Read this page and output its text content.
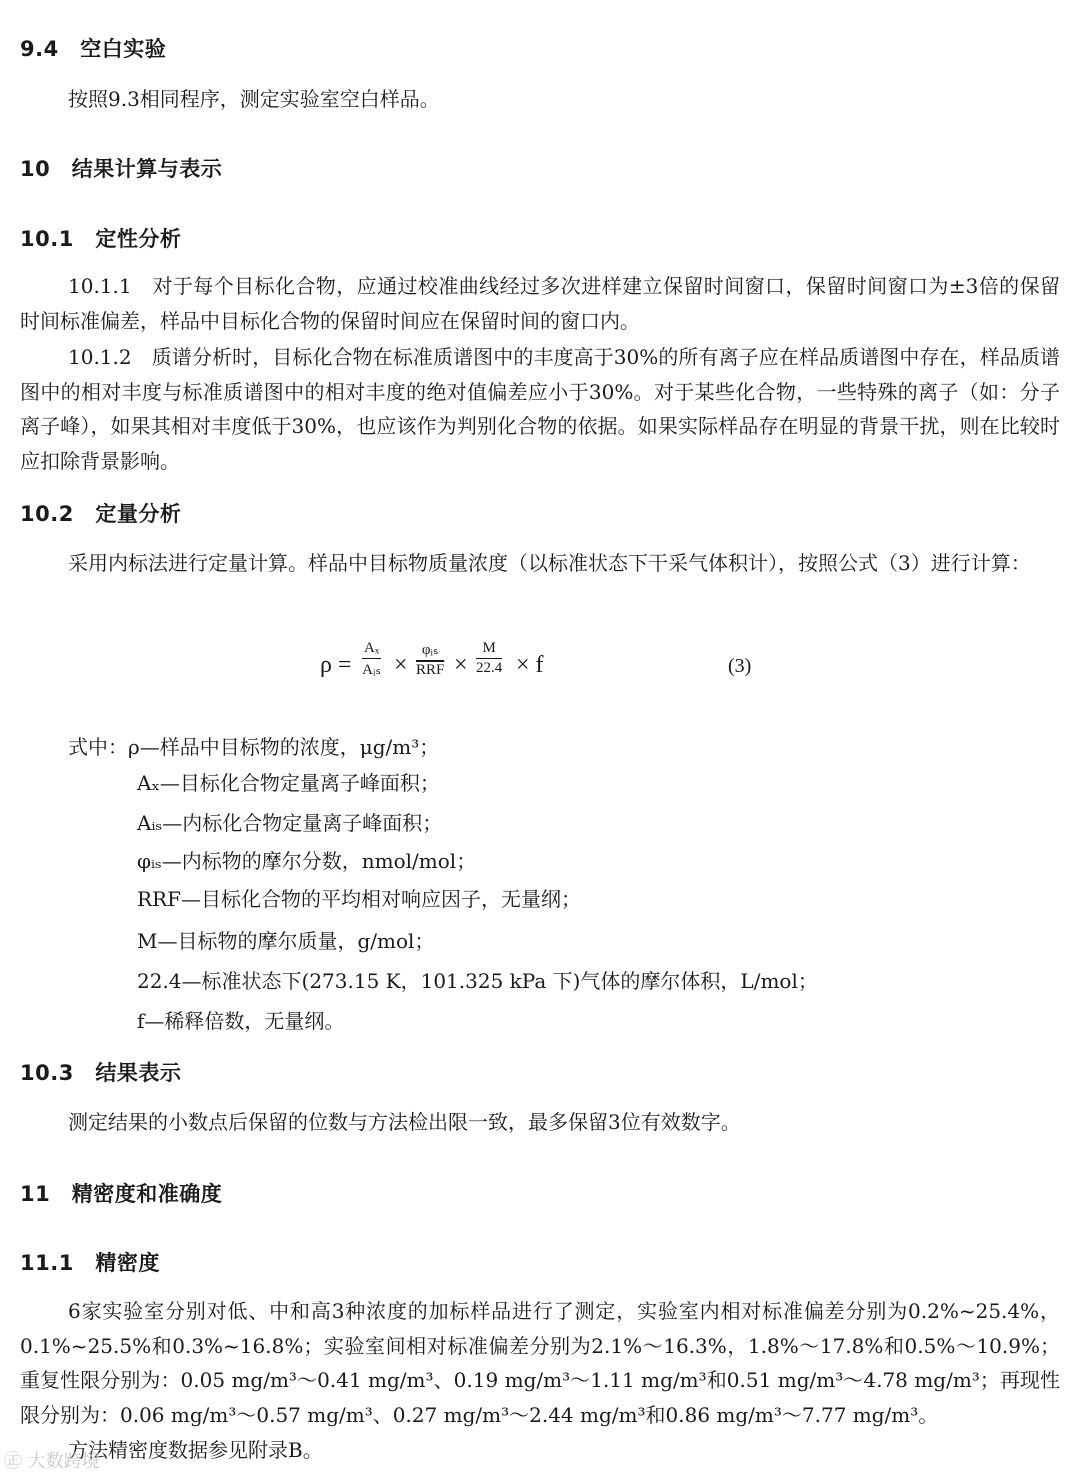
9.4　空白实验
按照9.3相同程序，测定实验室空白样品。
10　结果计算与表示
10.1　定性分析
10.1.1　对于每个目标化合物，应通过校准曲线经过多次进样建立保留时间窗口，保留时间窗口为±3倍的保留时间标准偏差，样品中目标化合物的保留时间应在保留时间的窗口内。
10.1.2　质谱分析时，目标化合物在标准质谱图中的丰度高于30%的所有离子应在样品质谱图中存在，样品质谱图中的相对丰度与标准质谱图中的相对丰度的绝对值偏差应小于30%。对于某些化合物，一些特殊的离子（如：分子离子峰），如果其相对丰度低于30%，也应该作为判别化合物的依据。如果实际样品存在明显的背景干扰，则在比较时应扣除背景影响。
10.2　定量分析
采用内标法进行定量计算。样品中目标物质量浓度（以标准状态下干采气体积计），按照公式（3）进行计算：
ρ =
Aₓ
Aᵢₛ ×
φᵢₛ
$\overline{RRF} \times \frac{M}{22.4} \times f$	(3)
式中：ρ—样品中目标物的浓度，μg/m³；
Aₓ—目标化合物定量离子峰面积；
Aᵢₛ—内标化合物定量离子峰面积；
φᵢₛ—内标物的摩尔分数，nmol/mol；
RRF—目标化合物的平均相对响应因子，无量纲；
M—目标物的摩尔质量，g/mol；
22.4—标准状态下(273.15 K，101.325 kPa 下)气体的摩尔体积，L/mol；
f—稀释倍数，无量纲。
10.3　结果表示
测定结果的小数点后保留的位数与方法检出限一致，最多保留3位有效数字。
11　精密度和准确度
11.1　精密度
6家实验室分别对低、中和高3种浓度的加标样品进行了测定，实验室内相对标准偏差分别为0.2%~25.4%，0.1%~25.5%和0.3%~16.8%；实验室间相对标准偏差分别为2.1%～16.3%，1.8%～17.8%和0.5%～10.9%；重复性限分别为：0.05 mg/m³～0.41 mg/m³、0.19 mg/m³～1.11 mg/m³和0.51 mg/m³～4.78 mg/m³；再现性限分别为：0.06 mg/m³～0.57 mg/m³、0.27 mg/m³～2.44 mg/m³和0.86 mg/m³～7.77 mg/m³。
方法精密度数据参见附录B。
㊣ 大数跨境
